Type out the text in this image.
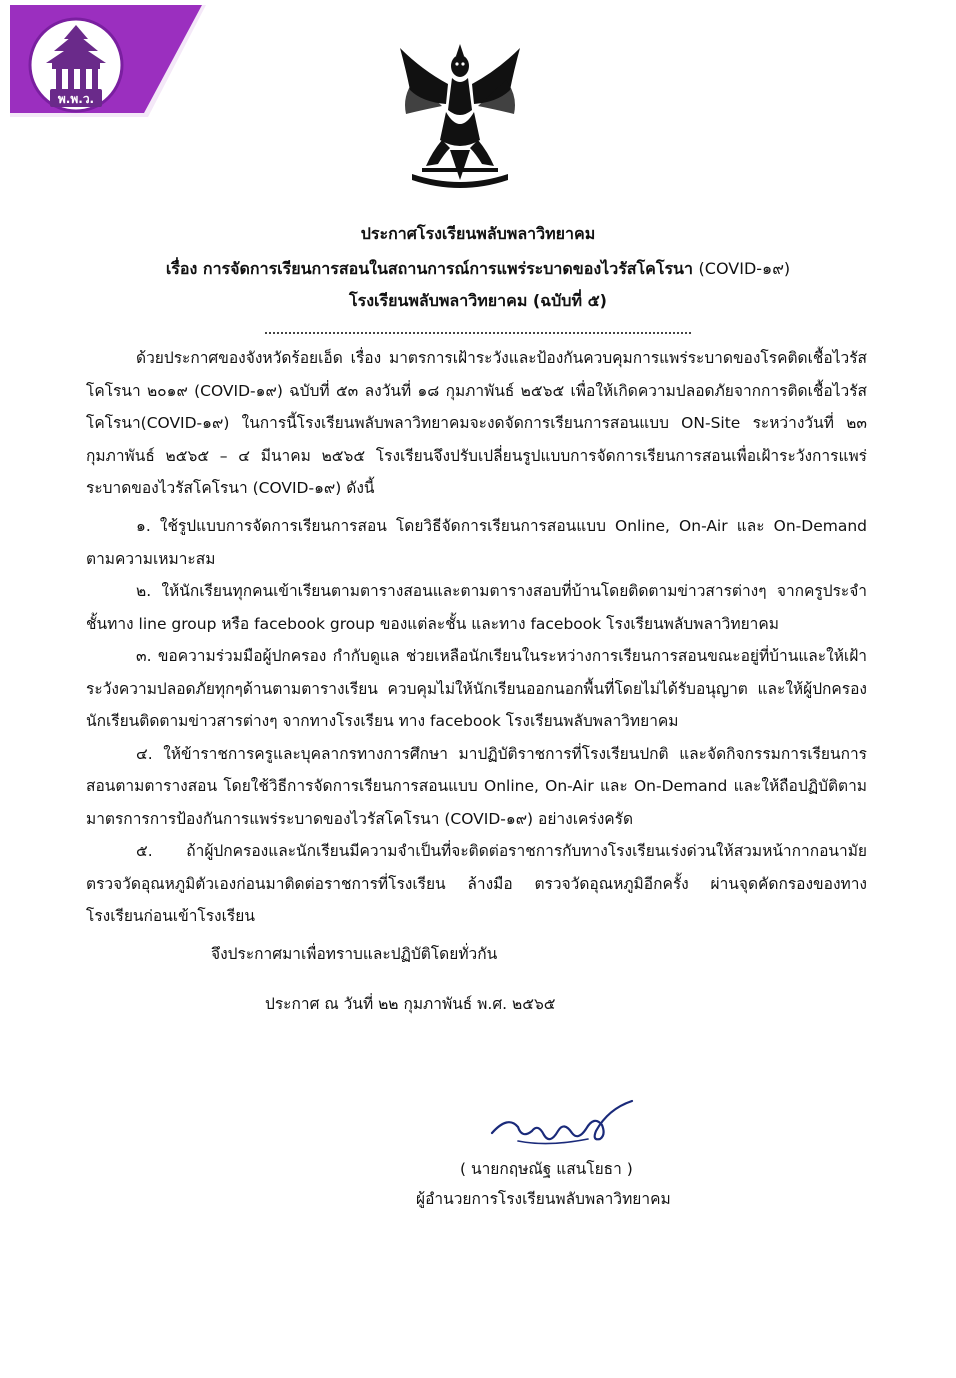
พ.พ.ว.
ประกาศโรงเรียนพลับพลาวิทยาคม
เรื่อง การจัดการเรียนการสอนในสถานการณ์การแพร่ระบาดของไวรัสโคโรนา (COVID-๑๙)
โรงเรียนพลับพลาวิทยาคม (ฉบับที่ ๕)

ด้วยประกาศของจังหวัดร้อยเอ็ด เรื่อง มาตรการเฝ้าระวังและป้องกันควบคุมการแพร่ระบาดของโรคติดเชื้อไวรัสโคโรนา ๒๐๑๙ (COVID-๑๙) ฉบับที่ ๕๓ ลงวันที่ ๑๘ กุมภาพันธ์ ๒๕๖๕ เพื่อให้เกิดความปลอดภัยจากการติดเชื้อไวรัสโคโรนา(COVID-๑๙) ในการนี้โรงเรียนพลับพลาวิทยาคมจะงดจัดการเรียนการสอนแบบ ON-Site ระหว่างวันที่ ๒๓ กุมภาพันธ์ ๒๕๖๕ – ๔ มีนาคม ๒๕๖๕ โรงเรียนจึงปรับเปลี่ยนรูปแบบการจัดการเรียนการสอนเพื่อเฝ้าระวังการแพร่ระบาดของไวรัสโคโรนา (COVID-๑๙) ดังนี้

๑. ใช้รูปแบบการจัดการเรียนการสอน โดยวิธีจัดการเรียนการสอนแบบ Online, On-Air และ On-Demand ตามความเหมาะสม

๒. ให้นักเรียนทุกคนเข้าเรียนตามตารางสอนและตามตารางสอบที่บ้านโดยติดตามข่าวสารต่างๆ จากครูประจำชั้นทาง line group หรือ facebook group ของแต่ละชั้น และทาง facebook โรงเรียนพลับพลาวิทยาคม

๓. ขอความร่วมมือผู้ปกครอง กำกับดูแล ช่วยเหลือนักเรียนในระหว่างการเรียนการสอนขณะอยู่ที่บ้านและให้เฝ้าระวังความปลอดภัยทุกๆด้านตามตารางเรียน ควบคุมไม่ให้นักเรียนออกนอกพื้นที่โดยไม่ได้รับอนุญาต และให้ผู้ปกครองนักเรียนติดตามข่าวสารต่างๆ จากทางโรงเรียน ทาง facebook โรงเรียนพลับพลาวิทยาคม

๔. ให้ข้าราชการครูและบุคลากรทางการศึกษา มาปฏิบัติราชการที่โรงเรียนปกติ และจัดกิจกรรมการเรียนการสอนตามตารางสอน โดยใช้วิธีการจัดการเรียนการสอนแบบ Online, On-Air และ On-Demand และให้ถือปฏิบัติตามมาตรการการป้องกันการแพร่ระบาดของไวรัสโคโรนา (COVID-๑๙) อย่างเคร่งครัด

๕. ถ้าผู้ปกครองและนักเรียนมีความจำเป็นที่จะติดต่อราชการกับทางโรงเรียนเร่งด่วนให้สวมหน้ากากอนามัย ตรวจวัดอุณหภูมิตัวเองก่อนมาติดต่อราชการที่โรงเรียน ล้างมือ ตรวจวัดอุณหภูมิอีกครั้ง ผ่านจุดคัดกรองของทางโรงเรียนก่อนเข้าโรงเรียน

จึงประกาศมาเพื่อทราบและปฏิบัติโดยทั่วกัน
ประกาศ ณ วันที่ ๒๒ กุมภาพันธ์ พ.ศ. ๒๕๖๕
( นายกฤษณัฐ แสนโยธา )
ผู้อำนวยการโรงเรียนพลับพลาวิทยาคม
